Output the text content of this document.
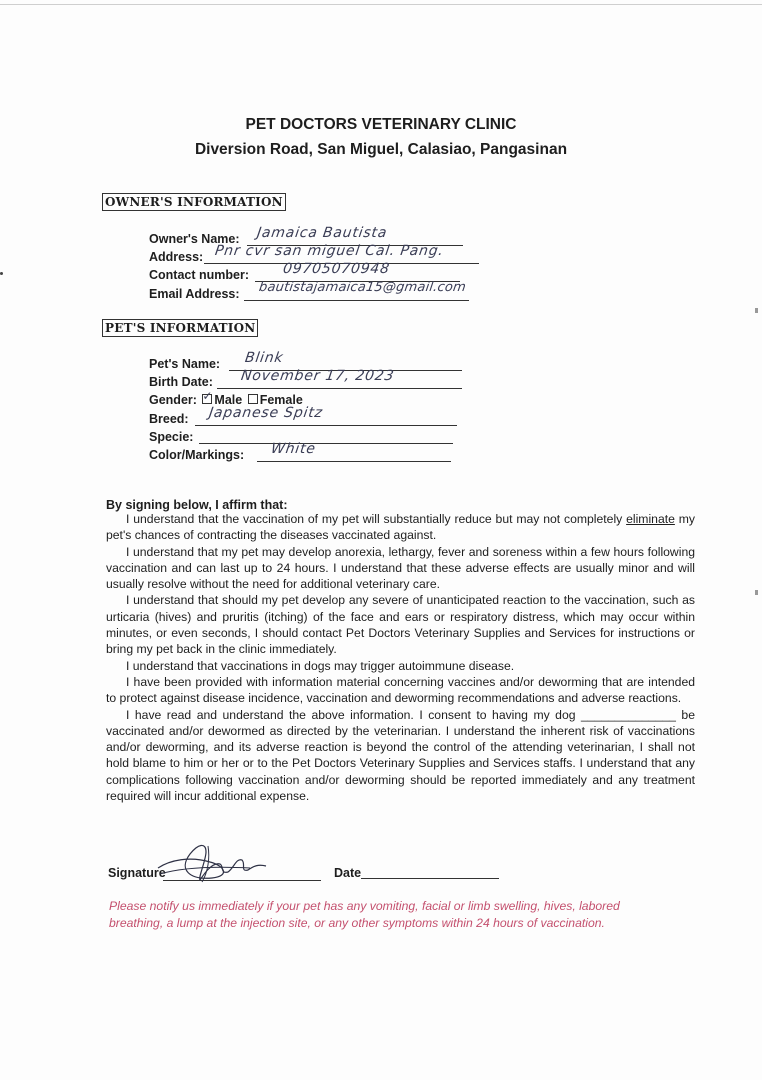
PET DOCTORS VETERINARY CLINIC
Diversion Road, San Miguel, Calasiao, Pangasinan
OWNER'S INFORMATION
Owner's Name: Jamaica Bautista
Address: Pnr cvr san miguel Cal. Pang.
Contact number: 09705070948
Email Address: bautistajamaica15@gmail.com
PET'S INFORMATION
Pet's Name: Blink
Birth Date: November 17, 2023
Gender: ✓ Male Female
Breed: Japanese Spitz
Specie:
Color/Markings: White
By signing below, I affirm that:

I understand that the vaccination of my pet will substantially reduce but may not completely eliminate my pet's chances of contracting the diseases vaccinated against.

I understand that my pet may develop anorexia, lethargy, fever and soreness within a few hours following vaccination and can last up to 24 hours. I understand that these adverse effects are usually minor and will usually resolve without the need for additional veterinary care.

I understand that should my pet develop any severe of unanticipated reaction to the vaccination, such as urticaria (hives) and pruritis (itching) of the face and ears or respiratory distress, which may occur within minutes, or even seconds, I should contact Pet Doctors Veterinary Supplies and Services for instructions or bring my pet back in the clinic immediately.

I understand that vaccinations in dogs may trigger autoimmune disease.

I have been provided with information material concerning vaccines and/or deworming that are intended to protect against disease incidence, vaccination and deworming recommendations and adverse reactions.

I have read and understand the above information. I consent to having my dog ______________ be vaccinated and/or dewormed as directed by the veterinarian. I understand the inherent risk of vaccinations and/or deworming, and its adverse reaction is beyond the control of the attending veterinarian, I shall not hold blame to him or her or to the Pet Doctors Veterinary Supplies and Services staffs. I understand that any complications following vaccination and/or deworming should be reported immediately and any treatment required will incur additional expense.

Signature	Date
Please notify us immediately if your pet has any vomiting, facial or limb swelling, hives, labored breathing, a lump at the injection site, or any other symptoms within 24 hours of vaccination.
